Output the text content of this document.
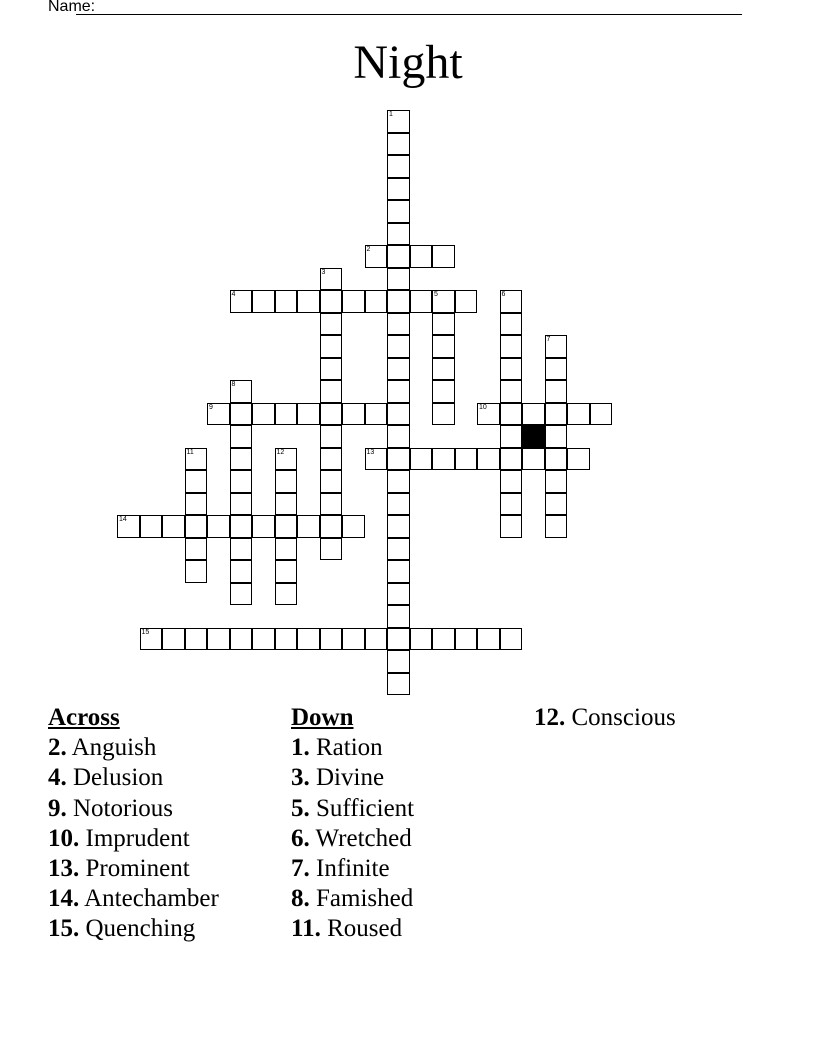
Name:
Night
1
2
3
4	5	6
7
8
9	10
11	12	13
14
15
Across
2. Anguish
4. Delusion
9. Notorious
10. Imprudent
13. Prominent
14. Antechamber
15. Quenching
Down
1. Ration
3. Divine
5. Sufficient
6. Wretched
7. Infinite
8. Famished
11. Roused
12. Conscious
